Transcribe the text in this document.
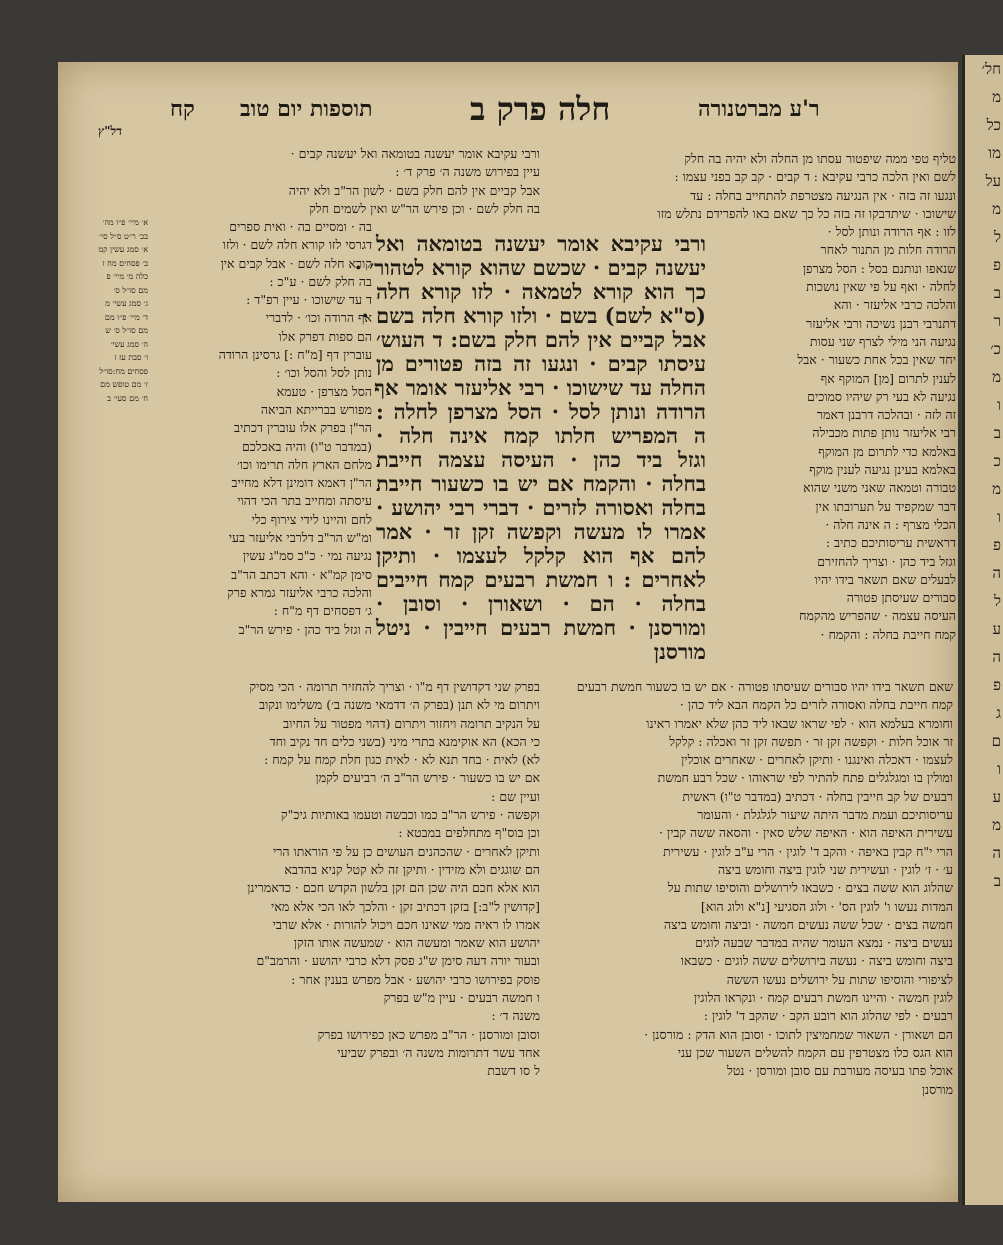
חל׳
מ
כל
מו
על
מ
ל
פ
ב
ר
כ׳
מ
ו
ב
כ
מ
ו
פ
ה
ל
ע
ה
פ
ג
ם
ו
ע
מ
ה
ב
ר'ע מברטנורה
חלה פרק ב
תוספות יום טוב
קח
דל"ץ
טליף טפי ממה שיפטור עסתו מן החלה ולא יהיה בה חלק
לשם ואין הלכה כרבי עקיבא : ד קבים · קב קב בפני עצמו :
ונגעו זה בזה · אין הנגיעה מצטרפת להתחייב בחלה : עד
שישוכו · שיתדבקו זה בזה כל כך שאם באו להפרידם נתלש מזו
לזו : אף הרודה ונותן לסל ·
הרודה חלות מן התנור לאחר
שנאפו ונותנם בסל : הסל מצרפן
לחלה · ואף על פי שאין נושכות
והלכה כרבי אליעזר · והא
דתנרבי רבנן נשיכה ורבי אליעזר
נגיעה הני מילי לצרף שני עסות
יחד שאין בכל אחת כשעור · אבל
לענין לתרום [מן] המוקף אף
נגיעה לא בעי רק שיהיו סמוכים
זה לזה · ובהלכה דרבנן דאמר
רבי אליעזר נותן פתות מכבילה
באלמא כדי לתרום מן המוקף
באלמא בעינן נגיעה לענין מוקף
טבורה וטמאה שאני משני שהוא
דבר שמקפיד על תערובתו אין
הכלי מצרף : ה אינה חלה ·
דראשית עריסותיכם כתיב :
וגזל ביד כהן · וצריך להחזירם
לבעלים שאם תשאר בידו יהיו
סבורים שעיסתן פטורה
העיסה עצמה · שהפריש מהקמח
קמח חייבת בחלה : והקמח ·
ורבי עקיבא אומר יעשנה בטומאה ואל יעשנה קבים ·
עיין בפירוש משנה ה׳ פרק ד׳ :
אבל קביים אין להם חלק בשם · לשון הר"ב ולא יהיה
בה חלק לשם · וכן פירש הר"ש ואין לשמים חלק
ורבי עקיבא אומר יעשנה בטומאה ואל
יעשנה קבים · שכשם שהוא קורא לטהור׳ ·
כך הוא קורא לטמאה · לזו קורא חלה
(ס"א לשם) בשם · ולזו קורא חלה בשם ·
אבל קביים אין להם חלק בשם: ד העוש׳
עיסתו קבים · ונגעו זה בזה פטורים מן
החלה עד שישוכו · רבי אליעזר אומר אף
הרודה ונותן לסל · הסל מצרפן לחלה :
ה המפריש חלתו קמח אינה חלה ·
וגזל ביד כהן · העיסה עצמה חייבת
בחלה · והקמח אם יש בו כשעור חייבת
בחלה ואסורה לזרים · דברי רבי יהושע ·
אמרו לו מעשה וקפשה זקן זר · אמר
להם אף הוא קלקל לעצמו · ותיקן
לאחרים : ו חמשת רבעים קמח חייבים
בחלה · הם · ושאורן · וסובן ·
ומורסנן · חמשת רבעים חייבין · ניטל
מורסנן
בה · ומסיים בה · ואית ספרים
דגרסי לזו קורא חלה לשם · ולזו
קורא חלה לשם · אבל קבים אין
בה חלק לשם · ע"כ :
ד עד שישוכו · עיין רפ"ד :
אף הרודה וכו׳ · לדברי
הם ספות דפרק אלו
עוברין דף [מ"ח :] גרסינן הרודה
נותן לסל והסל וכו׳ :
הסל מצרפן · טעמא
מפורש בברייתא הביאה
הר"ן בפרק אלו עוברין דכתיב
(במדבר ט"ו) והיה באכלכם
מלחם הארץ חלה תרימו וכו׳
הר"ן דאמא דומינן דלא מחייב
עיסתה ומחייב בתר הכי דהוי
לחם והיינו לידי צירוף כלי
ומ"ש הר"ב דלרבי אליעזר בעי
נגיעה נמי · כ"כ סמ"ג עשין
סימן קמ"א · והא דכתב הר"ב
והלכה כרבי אליעזר גמרא פרק
ג׳ דפסחים דף מ"ח :
ה וגזל ביד כהן · פירש הר"ב
א׳ מיי׳ פ״ו מה׳
בכ׳ ר״ט ס״ל סי׳
א׳ סמג עשין קמ
ב׳ פסחים מח ז
כלה מ׳ מיי׳ פ
מם סו״ל ס׳
ג׳ סמג עשי׳ מ
ד׳ מיי׳ פ״ו מם
מם סו״ל ס׳ ש
ה׳ סמג עשי׳
ו׳ סבת עז ז
פסחים מח:סו״ל
ז׳ מם טופש מם
ח׳ מם סעי׳ ב
שאם תשאר בידו יהיו סבורים שעיסתו פטורה · אם יש בו כשעור חמשת רבעים
קמח חייבת בחלה ואסורה לזרים כל הקמח הבא ליד כהן ·
וחומרא בעלמא הוא · לפי שראו שבאו ליד כהן שלא יאמרו ראינו
זר אוכל חלות · וקפשה זקן זר · תפשה זקן זר ואכלה : קלקל
לעצמו · דאכלה ואינגנו · ותיקן לאחרים · שאחרים אוכלין
ומולין בו ומגלגלים פתח להתיר לפי שראוהו · שכל רבע חמשת
רבעים של קב חייבין בחלה · דכתיב (במדבר ט"ו) ראשית
עריסותיכם ועמת מדבר היתה שיעור לגלגלת · והעומר
עשירית האיפה הוא · האיפה שלש סאין · והסאה ששה קבין ·
הרי י"ח קבין באיפה · והקב ד' לוגין · הרי ע"ב לוגין · עשירית
ע׳ · ז׳ לוגין · ועשירית שני לוגין ביצה וחומש ביצה
שהלוג הוא ששה בצים · כשבאו לירושלים והוסיפו שתות על
המדות נעשו ו' לוגין הס' · ולוג הסגיעי [נ"א ולוג הוא]
חמשה בצים · שכל ששה נעשים חמשה · וביצה וחומש ביצה
נעשים ביצה · נמצא העומר שהיה במדבר שבעה לוגים
ביצה וחומש ביצה · נעשה בירושלים ששה לוגים · כשבאו
לציפורי והוסיפו שתות על ירושלים נעשו הששה
לוגין חמשה · והיינו חמשת רבעים קמח · ונקראו הלוגין
רבעים · לפי שהלוג הוא רובע הקב · שהקב ד' לוגין :
הם ושאורן · השאור שמחמיצין לתוכו · וסובן הוא הדק : מורסנן ·
הוא הגס כלו מצטרפין עם הקמח להשלים השעור שכן עני
אוכל פתו בעיסה מעורבת עם סובן ומורסן · נטל
מורסנן
בפרק שני דקדושין דף מ"ו · וצריך להחזיר תרומה · הכי מסיק
ויתרום מי לא תנן (בפרק ה׳ דדמאי משנה ב׳) משלימו ונקוב
על הנקיב תרומה ויחזור ויתרום (דהוי מפטור על החיוב
כי הכא) הא אוקימנא בתרי מיני (בשני כלים חד נקיב וחד
לא) לאית · בחד תנא לא · לאית כגון חלת קמח על קמח :
אם יש בו כשעור · פירש הר"ב ה׳ רביעים לקמן
ועיין שם :
וקפשה · פירש הר"ב כמו וכבשה וטעמו באותיות גיכ"ק
וכן בוס"ף מתחלפים במבטא :
ותיקן לאחרים · שהכהנים העושים כן על פי הוראתו הרי
הם שוגגים ולא מזידין · ותיקן זה לא קטל קניא בהדבא
הוא אלא חכם היה שכן הם זקן בלשון הקדש חכם · כדאמרינן
[קדושין ל"ב:] בזקן דכתיב זקן · והלכך לאו הכי אלא מאי
אמרו לו ראיה ממי שאינו חכם ויכול להורות · אלא שרבי
יהושע הוא שאמר ומעשה הוא · שמעשה אותו הזקן
ובעור יורה דעה סימן ש"ג פסק דלא כרבי יהושע · והרמב"ם
פוסק בפירושו כרבי יהושע · אבל מפרש בענין אחר :
ו חמשה רבעים · עיין מ"ש בפרק
משנה ד׳ :
וסובן ומורסנן · הר"ב מפרש כאן כפירושו בפרק
אחד עשר דתרומות משנה ה׳ ובפרק שביעי
ל סו דשבת
